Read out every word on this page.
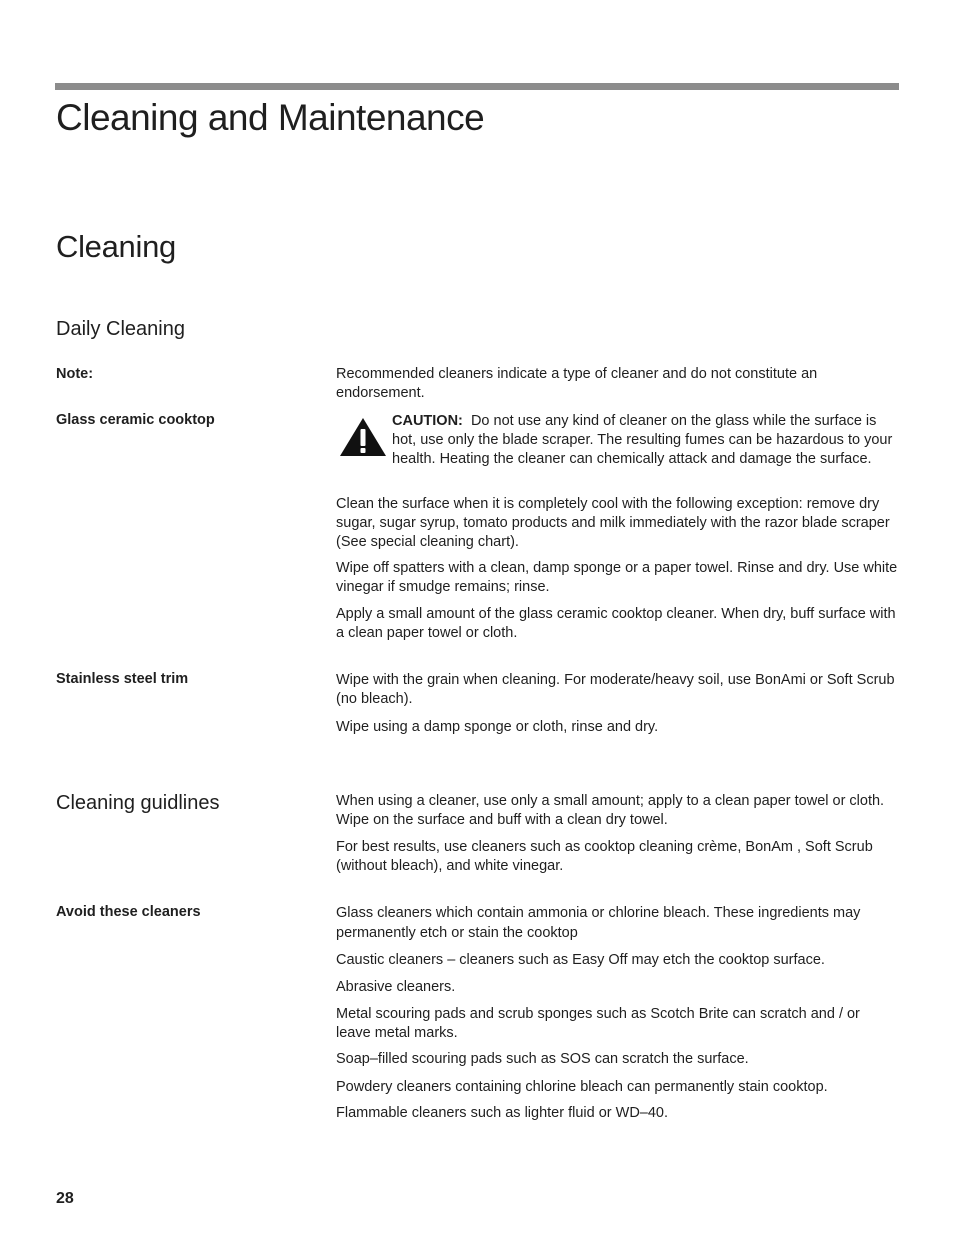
Cleaning and Maintenance
Cleaning
Daily Cleaning
Note:	Recommended cleaners indicate a type of cleaner and do not constitute an endorsement.
Glass ceramic cooktop	CAUTION: Do not use any kind of cleaner on the glass while the surface is hot, use only the blade scraper. The resulting fumes can be hazardous to your health. Heating the cleaner can chemically attack and damage the surface.
Clean the surface when it is completely cool with the following exception: remove dry sugar, sugar syrup, tomato products and milk immediately with the razor blade scraper (See special cleaning chart).
Wipe off spatters with a clean, damp sponge or a paper towel. Rinse and dry. Use white vinegar if smudge remains; rinse.
Apply a small amount of the glass ceramic cooktop cleaner. When dry, buff surface with a clean paper towel or cloth.
Stainless steel trim	Wipe with the grain when cleaning. For moderate/heavy soil, use BonAmi or Soft Scrub (no bleach).
Wipe using a damp sponge or cloth, rinse and dry.
Cleaning guidlines	When using a cleaner, use only a small amount; apply to a clean paper towel or cloth. Wipe on the surface and buff with a clean dry towel.
For best results, use cleaners such as cooktop cleaning crème, BonAm , Soft Scrub (without bleach), and white vinegar.
Avoid these cleaners	Glass cleaners which contain ammonia or chlorine bleach. These ingredients may permanently etch or stain the cooktop
Caustic cleaners – cleaners such as Easy Off may etch the cooktop surface.
Abrasive cleaners.
Metal scouring pads and scrub sponges such as Scotch Brite can scratch and / or leave metal marks.
Soap–filled scouring pads such as SOS can scratch the surface.
Powdery cleaners containing chlorine bleach can permanently stain cooktop.
Flammable cleaners such as lighter fluid or WD–40.
28
